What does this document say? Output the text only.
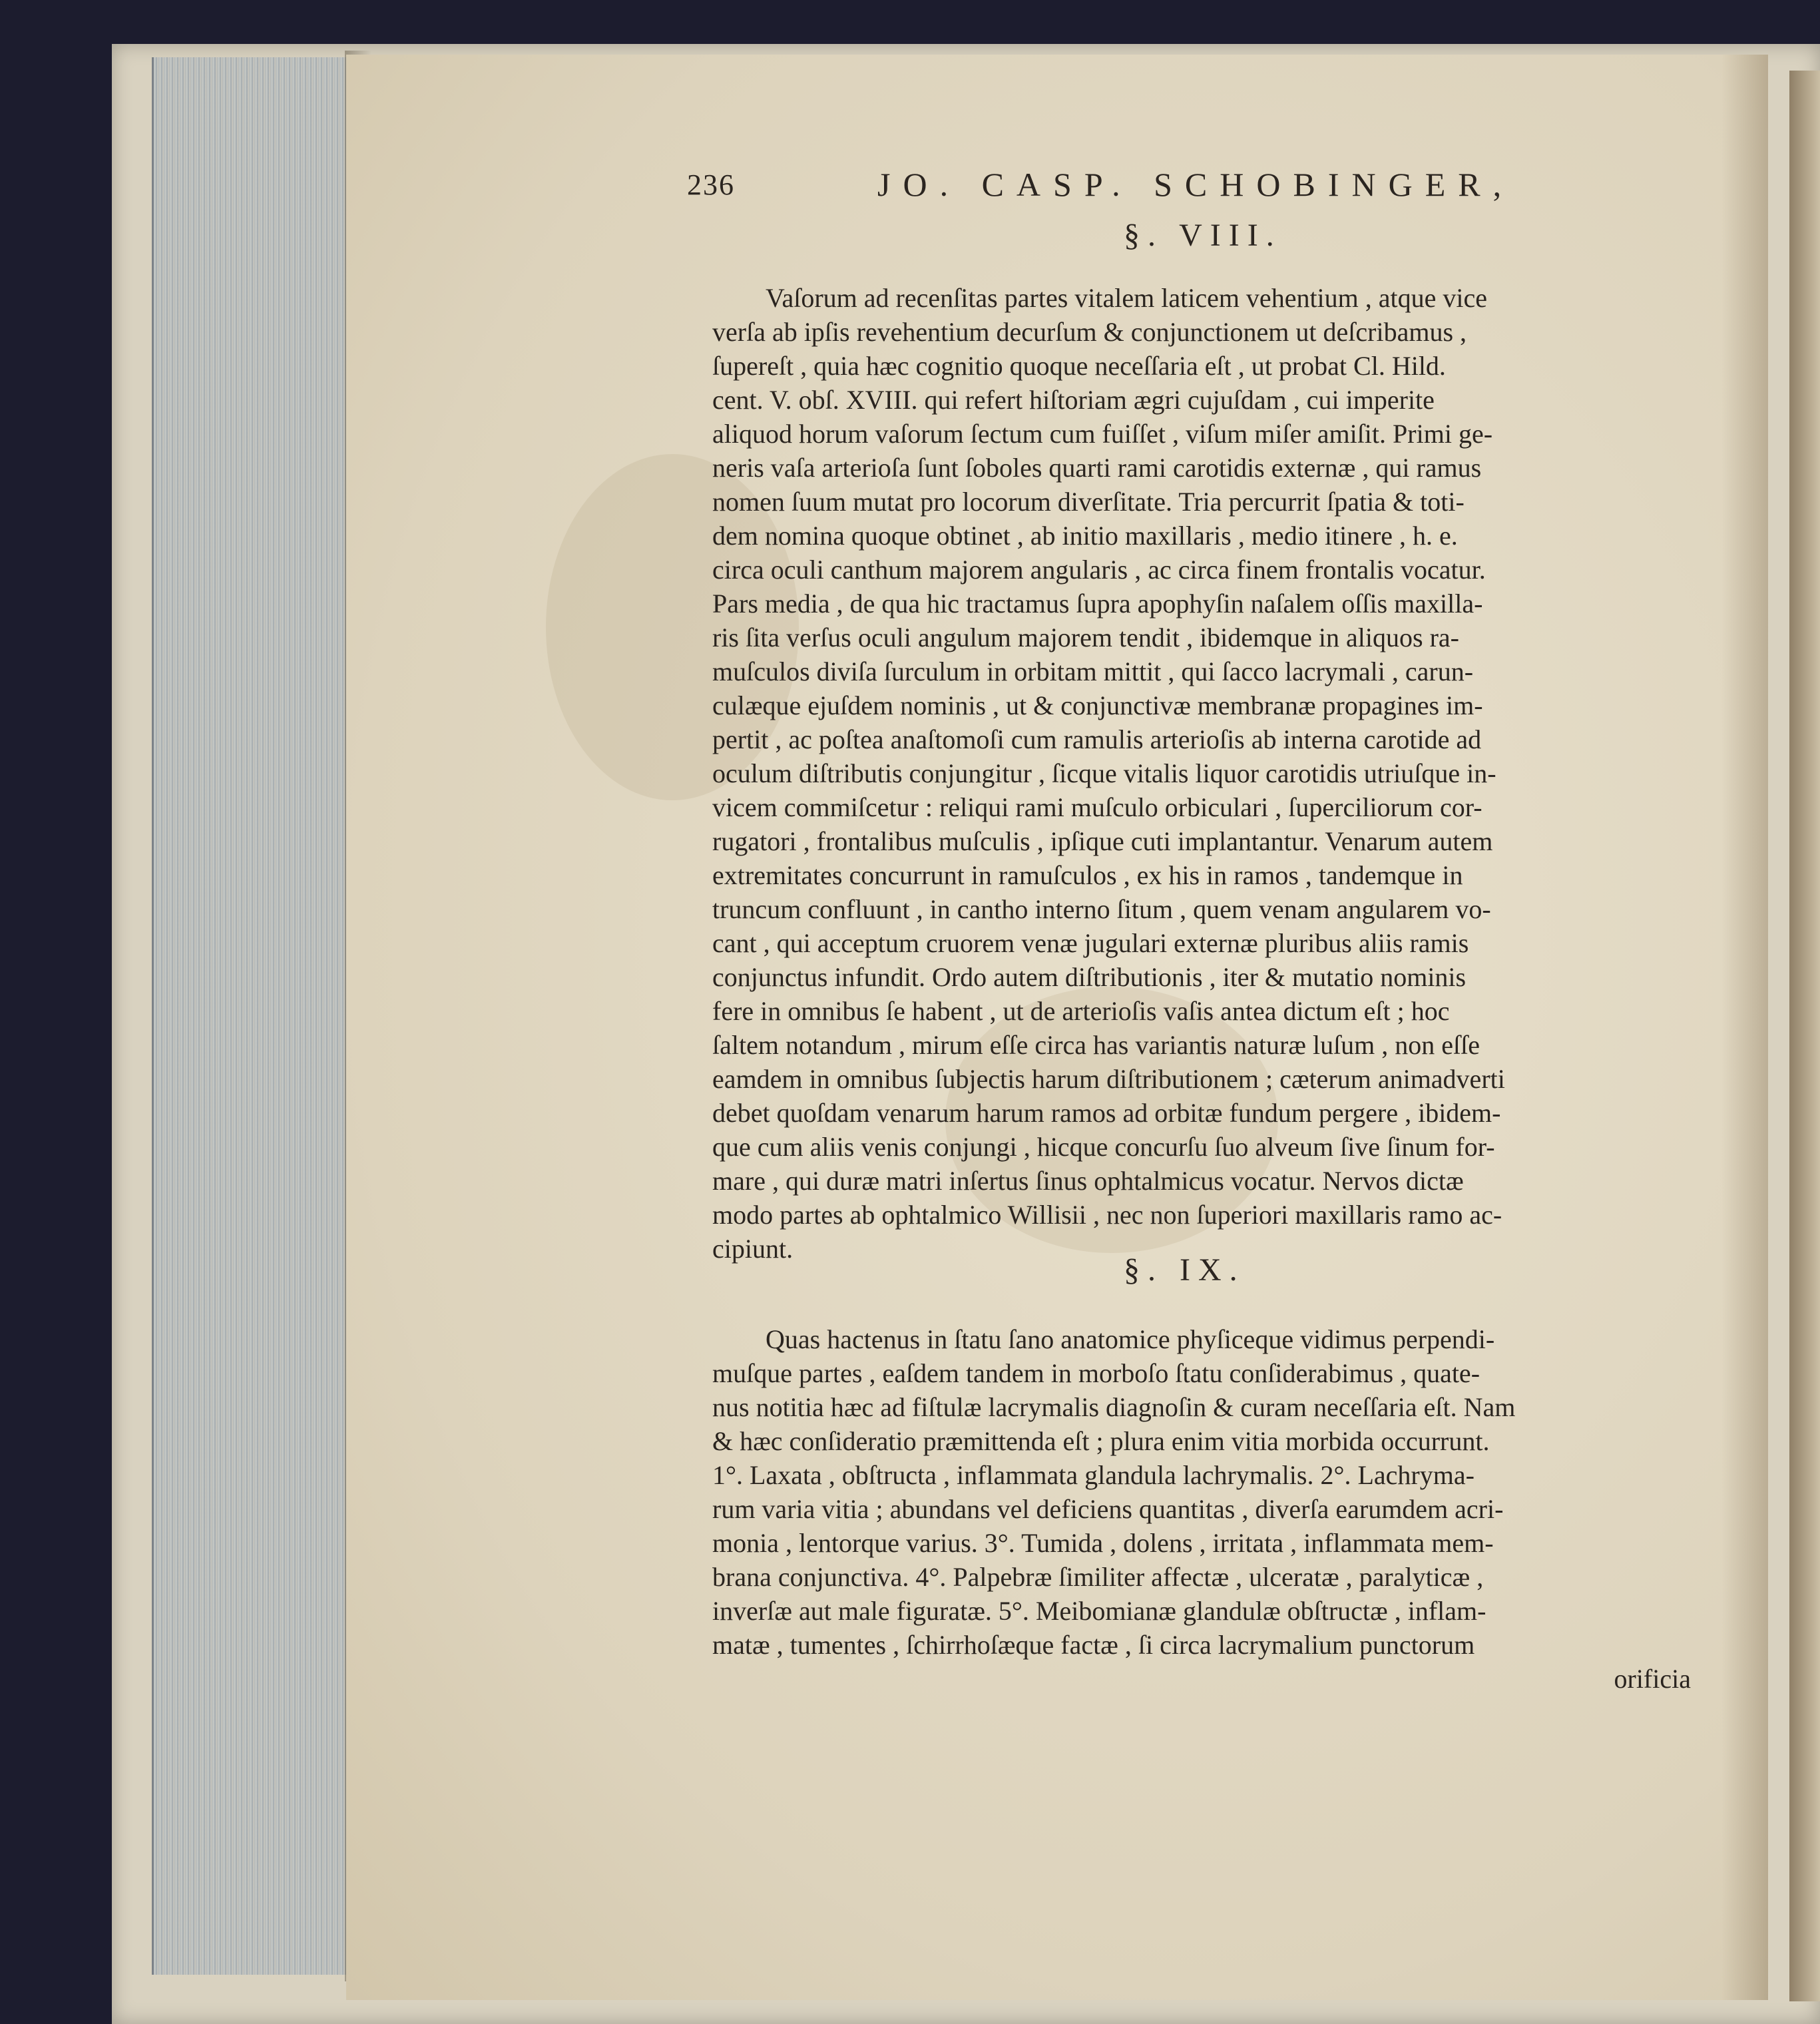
236	JO. CASP. SCHOBINGER,
§. VIII.
Vaſorum ad recenſitas partes vitalem laticem vehentium , atque vice
verſa ab ipſis revehentium decurſum & conjunctionem ut deſcribamus ,
ſupereſt , quia hæc cognitio quoque neceſſaria eſt , ut probat Cl. Hild.
cent. V. obſ. XVIII. qui refert hiſtoriam ægri cujuſdam , cui imperite
aliquod horum vaſorum ſectum cum fuiſſet , viſum miſer amiſit. Primi ge-
neris vaſa arterioſa ſunt ſoboles quarti rami carotidis externæ , qui ramus
nomen ſuum mutat pro locorum diverſitate. Tria percurrit ſpatia & toti-
dem nomina quoque obtinet , ab initio maxillaris , medio itinere , h. e.
circa oculi canthum majorem angularis , ac circa finem frontalis vocatur.
Pars media , de qua hic tractamus ſupra apophyſin naſalem oſſis maxilla-
ris ſita verſus oculi angulum majorem tendit , ibidemque in aliquos ra-
muſculos diviſa ſurculum in orbitam mittit , qui ſacco lacrymali , carun-
culæque ejuſdem nominis , ut & conjunctivæ membranæ propagines im-
pertit , ac poſtea anaſtomoſi cum ramulis arterioſis ab interna carotide ad
oculum diſtributis conjungitur , ſicque vitalis liquor carotidis utriuſque in-
vicem commiſcetur : reliqui rami muſculo orbiculari , ſuperciliorum cor-
rugatori , frontalibus muſculis , ipſique cuti implantantur. Venarum autem
extremitates concurrunt in ramuſculos , ex his in ramos , tandemque in
truncum confluunt , in cantho interno ſitum , quem venam angularem vo-
cant , qui acceptum cruorem venæ jugulari externæ pluribus aliis ramis
conjunctus infundit. Ordo autem diſtributionis , iter & mutatio nominis
fere in omnibus ſe habent , ut de arterioſis vaſis antea dictum eſt ; hoc
ſaltem notandum , mirum eſſe circa has variantis naturæ luſum , non eſſe
eamdem in omnibus ſubjectis harum diſtributionem ; cæterum animadverti
debet quoſdam venarum harum ramos ad orbitæ fundum pergere , ibidem-
que cum aliis venis conjungi , hicque concurſu ſuo alveum ſive ſinum for-
mare , qui duræ matri inſertus ſinus ophtalmicus vocatur. Nervos dictæ
modo partes ab ophtalmico Willisii , nec non ſuperiori maxillaris ramo ac-
cipiunt.
§. IX.
Quas hactenus in ſtatu ſano anatomice phyſiceque vidimus perpendi-
muſque partes , eaſdem tandem in morboſo ſtatu conſiderabimus , quate-
nus notitia hæc ad fiſtulæ lacrymalis diagnoſin & curam neceſſaria eſt. Nam
& hæc conſideratio præmittenda eſt ; plura enim vitia morbida occurrunt.
1°. Laxata , obſtructa , inflammata glandula lachrymalis. 2°. Lachryma-
rum varia vitia ; abundans vel deficiens quantitas , diverſa earumdem acri-
monia , lentorque varius. 3°. Tumida , dolens , irritata , inflammata mem-
brana conjunctiva. 4°. Palpebræ ſimiliter affectæ , ulceratæ , paralyticæ ,
inverſæ aut male figuratæ. 5°. Meibomianæ glandulæ obſtructæ , inflam-
matæ , tumentes , ſchirrhoſæque factæ , ſi circa lacrymalium punctorum
orificia
